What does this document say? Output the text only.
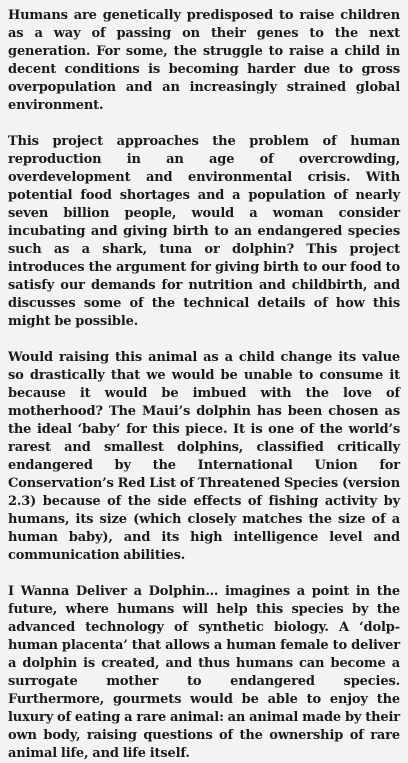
Humans are genetically predisposed to raise children as a way of passing on their genes to the next generation. For some, the struggle to raise a child in decent conditions is becoming harder due to gross overpopulation and an increasingly strained global environment.

This project approaches the problem of human reproduction in an age of overcrowding, overdevelopment and environmental crisis. With potential food shortages and a population of nearly seven billion people, would a woman consider incubating and giving birth to an endangered species such as a shark, tuna or dolphin? This project introduces the argument for giving birth to our food to satisfy our demands for nutrition and childbirth, and discusses some of the technical details of how this might be possible.

Would raising this animal as a child change its value so drastically that we would be unable to consume it because it would be imbued with the love of motherhood? The Maui’s dolphin has been chosen as the ideal ‘baby’ for this piece. It is one of the world’s rarest and smallest dolphins, classified critically endangered by the International Union for Conservation’s Red List of Threatened Species (version 2.3) because of the side effects of fishing activity by humans, its size (which closely matches the size of a human baby), and its high intelligence level and communication abilities.

I Wanna Deliver a Dolphin… imagines a point in the future, where humans will help this species by the advanced technology of synthetic biology. A ‘dolp-human placenta’ that allows a human female to deliver a dolphin is created, and thus humans can become a surrogate mother to endangered species. Furthermore, gourmets would be able to enjoy the luxury of eating a rare animal: an animal made by their own body, raising questions of the ownership of rare animal life, and life itself.
